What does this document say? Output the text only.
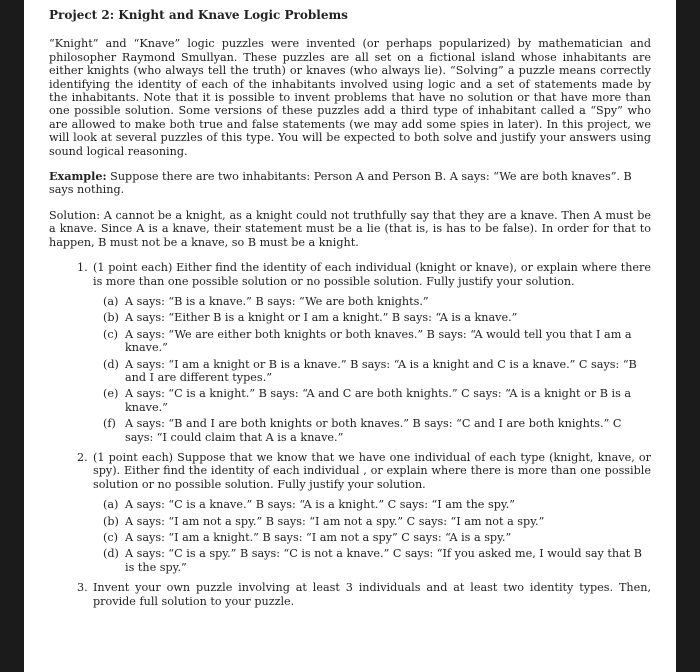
Project 2: Knight and Knave Logic Problems
“Knight” and “Knave” logic puzzles were invented (or perhaps popularized) by mathematician and philosopher Raymond Smullyan. These puzzles are all set on a fictional island whose inhabitants are either knights (who always tell the truth) or knaves (who always lie). “Solving” a puzzle means correctly identifying the identity of each of the inhabitants involved using logic and a set of statements made by the inhabitants. Note that it is possible to invent problems that have no solution or that have more than one possible solution. Some versions of these puzzles add a third type of inhabitant called a “Spy” who are allowed to make both true and false statements (we may add some spies in later). In this project, we will look at several puzzles of this type. You will be expected to both solve and justify your answers using sound logical reasoning.
Example: Suppose there are two inhabitants: Person A and Person B. A says: “We are both knaves”. B says nothing.
Solution: A cannot be a knight, as a knight could not truthfully say that they are a knave. Then A must be a knave. Since A is a knave, their statement must be a lie (that is, is has to be false). In order for that to happen, B must not be a knave, so B must be a knight.
1. (1 point each) Either find the identity of each individual (knight or knave), or explain where there is more than one possible solution or no possible solution. Fully justify your solution.
(a) A says: “B is a knave.” B says: “We are both knights.”
(b) A says: “Either B is a knight or I am a knight.” B says: “A is a knave.”
(c) A says: “We are either both knights or both knaves.” B says: “A would tell you that I am a knave.”
(d) A says: “I am a knight or B is a knave.” B says: “A is a knight and C is a knave.” C says: “B and I are different types.”
(e) A says: “C is a knight.” B says: “A and C are both knights.” C says: “A is a knight or B is a knave.”
(f) A says: “B and I are both knights or both knaves.” B says: “C and I are both knights.” C says: “I could claim that A is a knave.”
2. (1 point each) Suppose that we know that we have one individual of each type (knight, knave, or spy). Either find the identity of each individual , or explain where there is more than one possible solution or no possible solution. Fully justify your solution.
(a) A says: “C is a knave.” B says: “A is a knight.” C says: “I am the spy.”
(b) A says: “I am not a spy.” B says: “I am not a spy.” C says: “I am not a spy.”
(c) A says: “I am a knight.” B says: “I am not a spy” C says: “A is a spy.”
(d) A says: “C is a spy.” B says: “C is not a knave.” C says: “If you asked me, I would say that B is the spy.”
3. Invent your own puzzle involving at least 3 individuals and at least two identity types. Then, provide full solution to your puzzle.
